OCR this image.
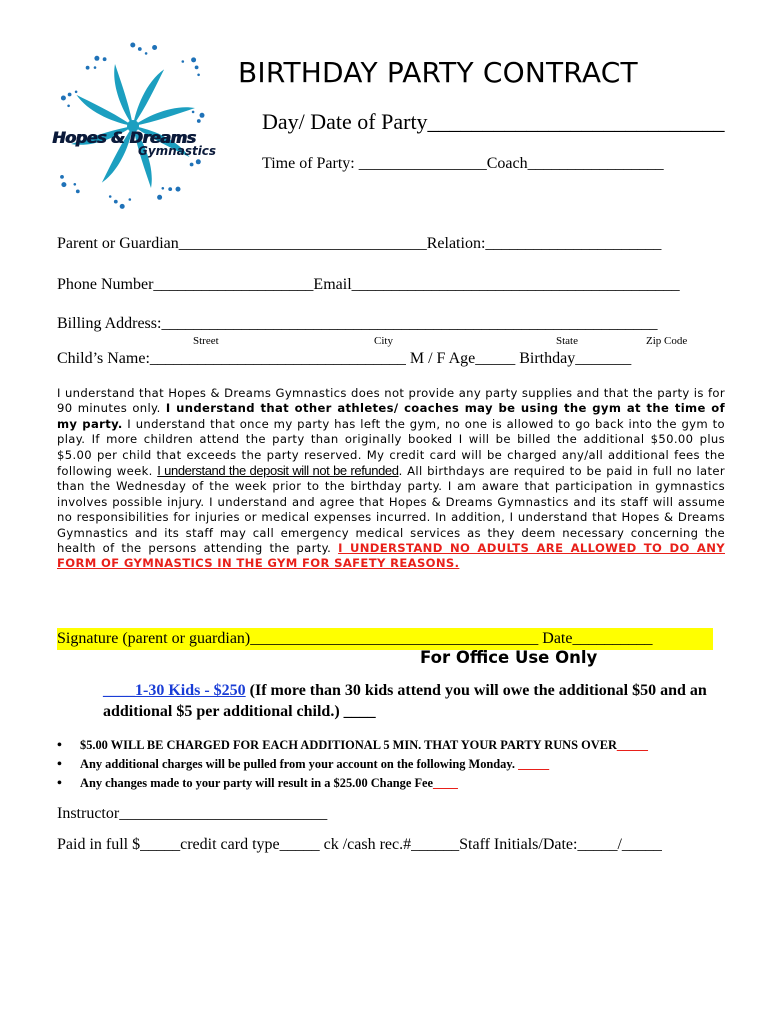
Hopes & Dreams
Gymnastics
BIRTHDAY PARTY CONTRACT
Day/ Date of Party___________________________
Time of Party: ________________Coach_________________
Parent or Guardian_______________________________Relation:______________________
Phone Number____________________Email_________________________________________
Billing Address:______________________________________________________________
Street	City	State	Zip Code
Child’s Name:________________________________ M / F Age_____ Birthday_______
I understand that Hopes & Dreams Gymnastics does not provide any party supplies and that the party is for 90 minutes only. I understand that other athletes/ coaches may be using the gym at the time of my party. I understand that once my party has left the gym, no one is allowed to go back into the gym to play. If more children attend the party than originally booked I will be billed the additional $50.00 plus $5.00 per child that exceeds the party reserved. My credit card will be charged any/all additional fees the following week. I understand the deposit will not be refunded. All birthdays are required to be paid in full no later than the Wednesday of the week prior to the birthday party. I am aware that participation in gymnastics involves possible injury. I understand and agree that Hopes & Dreams Gymnastics and its staff will assume no responsibilities for injuries or medical expenses incurred. In addition, I understand that Hopes & Dreams Gymnastics and its staff may call emergency medical services as they deem necessary concerning the health of the persons attending the party. I UNDERSTAND NO ADULTS ARE ALLOWED TO DO ANY FORM OF GYMNASTICS IN THE GYM FOR SAFETY REASONS.
Signature (parent or guardian)____________________________________ Date__________
For Office Use Only
____1-30 Kids - $250 (If more than 30 kids attend you will owe the additional $50 and an additional $5 per additional child.) ____
• $5.00 WILL BE CHARGED FOR EACH ADDITIONAL 5 MIN. THAT YOUR PARTY RUNS OVER_____
• Any additional charges will be pulled from your account on the following Monday. _____
• Any changes made to your party will result in a $25.00 Change Fee____
Instructor__________________________
Paid in full $_____credit card type_____ ck /cash rec.#______Staff Initials/Date:_____/_____
